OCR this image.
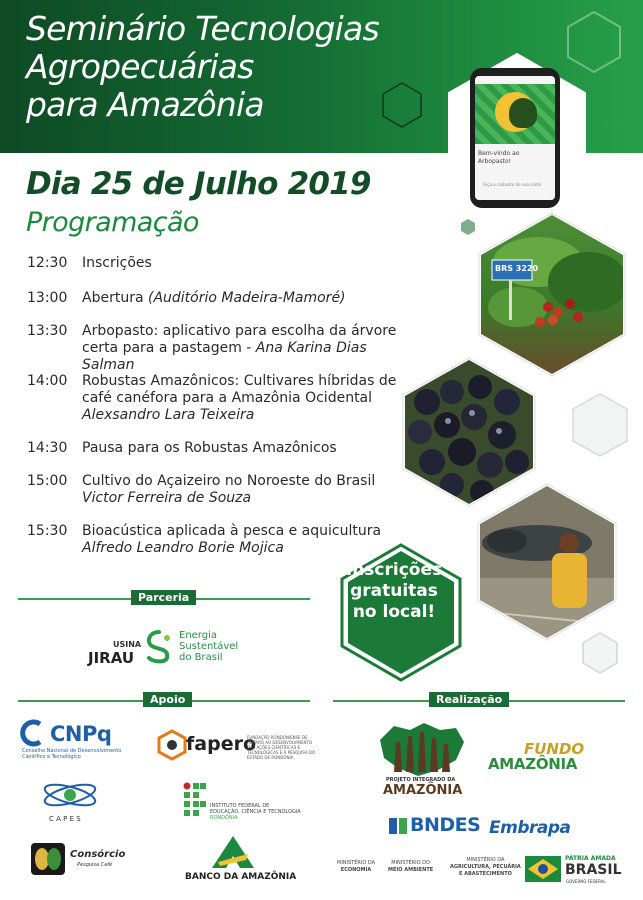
Seminário Tecnologias
Agropecuárias
para Amazônia
Bem-vindo ao Arbopasto!
Faça o cadastro de sua conta
Dia 25 de Julho 2019
Programação
12:30	Inscrições
13:00	Abertura (Auditório Madeira-Mamoré)
13:30	Arbopasto: aplicativo para escolha da árvore certa para a pastagem - Ana Karina Dias Salman
14:00	Robustas Amazônicos: Cultivares híbridas de café canéfora para a Amazônia Ocidental
Alexsandro Lara Teixeira
14:30	Pausa para os Robustas Amazônicos
15:00	Cultivo do Açaizeiro no Noroeste do Brasil
Victor Ferreira de Souza
15:30	Bioacústica aplicada à pesca e aquicultura
Alfredo Leandro Borie Mojica
BRS 3220
Inscrições
gratuitas
no local!
Parceria
USINA
JIRAU
Energia
Sustentável
do Brasil
Apoio	Realização
CNPq
Conselho Nacional de Desenvolvimento
Científico e Tecnológico
fapero
FUNDAÇÃO RONDONIENSE DE AMPARO AO DESENVOLVIMENTO DAS AÇÕES CIENTÍFICAS E TECNOLÓGICAS E À PESQUISA DO ESTADO DE RONDÔNIA
C A P E S
INSTITUTO FEDERAL DE
EDUCAÇÃO, CIÊNCIA E TECNOLOGIA
RONDÔNIA
Consórcio
Pesquisa Café
BANCO DA AMAZÔNIA
PROJETO INTEGRADO DA
AMAZÔNIA
FUNDO
AMAZÔNIA
BNDES Embrapa
MINISTÉRIO DA
ECONOMIA
MINISTÉRIO DO
MEIO AMBIENTE
MINISTÉRIO DA
AGRICULTURA, PECUÁRIA
E ABASTECIMENTO
PÁTRIA AMADA
BRASIL
GOVERNO FEDERAL
